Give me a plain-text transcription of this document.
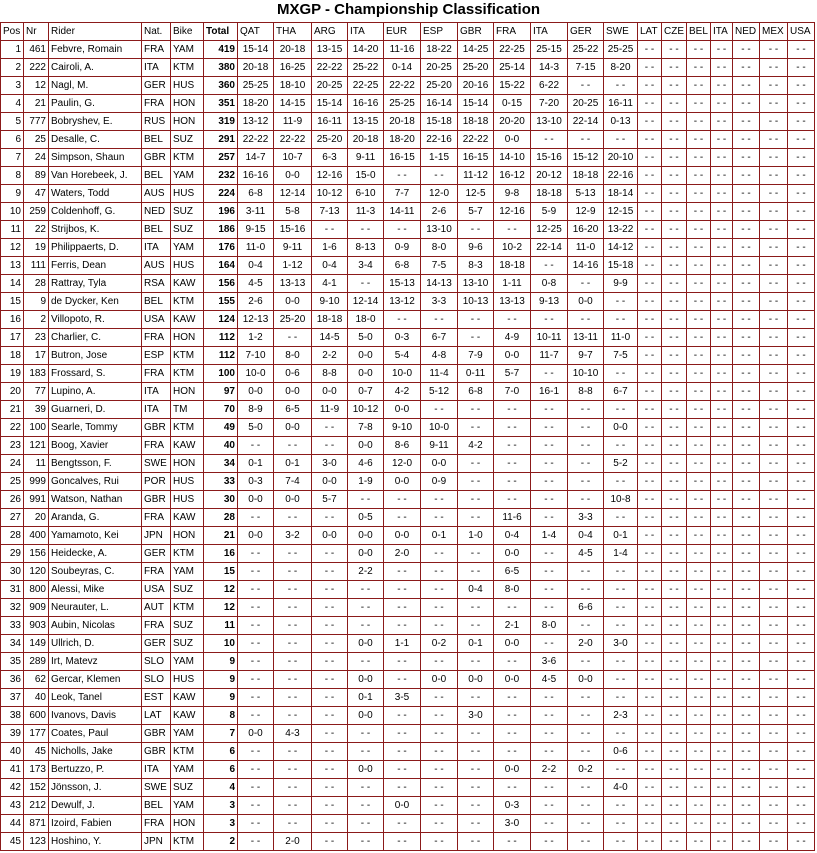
MXGP - Championship Classification
Pos	Nr	Rider	Nat.	Bike	Total	QAT	THA	ARG	ITA	EUR	ESP	GBR	FRA	ITA	GER	SWE	LAT	CZE	BEL	ITA	NED	MEX	USA
1	461	Febvre, Romain	FRA	YAM	419	15-14	20-18	13-15	14-20	11-16	18-22	14-25	22-25	25-15	25-22	25-25	- -	- -	- -	- -	- -	- -	- -
2	222	Cairoli, A.	ITA	KTM	380	20-18	16-25	22-22	25-22	0-14	20-25	25-20	25-14	14-3	7-15	8-20	- -	- -	- -	- -	- -	- -	- -
3	12	Nagl, M.	GER	HUS	360	25-25	18-10	20-25	22-25	22-22	25-20	20-16	15-22	6-22	- -	- -	- -	- -	- -	- -	- -	- -	- -
4	21	Paulin, G.	FRA	HON	351	18-20	14-15	15-14	16-16	25-25	16-14	15-14	0-15	7-20	20-25	16-11	- -	- -	- -	- -	- -	- -	- -
5	777	Bobryshev, E.	RUS	HON	319	13-12	11-9	16-11	13-15	20-18	15-18	18-18	20-20	13-10	22-14	0-13	- -	- -	- -	- -	- -	- -	- -
6	25	Desalle, C.	BEL	SUZ	291	22-22	22-22	25-20	20-18	18-20	22-16	22-22	0-0	- -	- -	- -	- -	- -	- -	- -	- -	- -	- -
7	24	Simpson, Shaun	GBR	KTM	257	14-7	10-7	6-3	9-11	16-15	1-15	16-15	14-10	15-16	15-12	20-10	- -	- -	- -	- -	- -	- -	- -
8	89	Van Horebeek, J.	BEL	YAM	232	16-16	0-0	12-16	15-0	- -	- -	11-12	16-12	20-12	18-18	22-16	- -	- -	- -	- -	- -	- -	- -
9	47	Waters, Todd	AUS	HUS	224	6-8	12-14	10-12	6-10	7-7	12-0	12-5	9-8	18-18	5-13	18-14	- -	- -	- -	- -	- -	- -	- -
10	259	Coldenhoff, G.	NED	SUZ	196	3-11	5-8	7-13	11-3	14-11	2-6	5-7	12-16	5-9	12-9	12-15	- -	- -	- -	- -	- -	- -	- -
11	22	Strijbos, K.	BEL	SUZ	186	9-15	15-16	- -	- -	- -	13-10	- -	- -	12-25	16-20	13-22	- -	- -	- -	- -	- -	- -	- -
12	19	Philippaerts, D.	ITA	YAM	176	11-0	9-11	1-6	8-13	0-9	8-0	9-6	10-2	22-14	11-0	14-12	- -	- -	- -	- -	- -	- -	- -
13	111	Ferris, Dean	AUS	HUS	164	0-4	1-12	0-4	3-4	6-8	7-5	8-3	18-18	- -	14-16	15-18	- -	- -	- -	- -	- -	- -	- -
14	28	Rattray, Tyla	RSA	KAW	156	4-5	13-13	4-1	- -	15-13	14-13	13-10	1-11	0-8	- -	9-9	- -	- -	- -	- -	- -	- -	- -
15	9	de Dycker, Ken	BEL	KTM	155	2-6	0-0	9-10	12-14	13-12	3-3	10-13	13-13	9-13	0-0	- -	- -	- -	- -	- -	- -	- -	- -
16	2	Villopoto, R.	USA	KAW	124	12-13	25-20	18-18	18-0	- -	- -	- -	- -	- -	- -	- -	- -	- -	- -	- -	- -	- -	- -
17	23	Charlier, C.	FRA	HON	112	1-2	- -	14-5	5-0	0-3	6-7	- -	4-9	10-11	13-11	11-0	- -	- -	- -	- -	- -	- -	- -
18	17	Butron, Jose	ESP	KTM	112	7-10	8-0	2-2	0-0	5-4	4-8	7-9	0-0	11-7	9-7	7-5	- -	- -	- -	- -	- -	- -	- -
19	183	Frossard, S.	FRA	KTM	100	10-0	0-6	8-8	0-0	10-0	11-4	0-11	5-7	- -	10-10	- -	- -	- -	- -	- -	- -	- -	- -
20	77	Lupino, A.	ITA	HON	97	0-0	0-0	0-0	0-7	4-2	5-12	6-8	7-0	16-1	8-8	6-7	- -	- -	- -	- -	- -	- -	- -
21	39	Guarneri, D.	ITA	TM	70	8-9	6-5	11-9	10-12	0-0	- -	- -	- -	- -	- -	- -	- -	- -	- -	- -	- -	- -	- -
22	100	Searle, Tommy	GBR	KTM	49	5-0	0-0	- -	7-8	9-10	10-0	- -	- -	- -	- -	0-0	- -	- -	- -	- -	- -	- -	- -
23	121	Boog, Xavier	FRA	KAW	40	- -	- -	- -	0-0	8-6	9-11	4-2	- -	- -	- -	- -	- -	- -	- -	- -	- -	- -	- -
24	11	Bengtsson, F.	SWE	HON	34	0-1	0-1	3-0	4-6	12-0	0-0	- -	- -	- -	- -	5-2	- -	- -	- -	- -	- -	- -	- -
25	999	Goncalves, Rui	POR	HUS	33	0-3	7-4	0-0	1-9	0-0	0-9	- -	- -	- -	- -	- -	- -	- -	- -	- -	- -	- -	- -
26	991	Watson, Nathan	GBR	HUS	30	0-0	0-0	5-7	- -	- -	- -	- -	- -	- -	- -	10-8	- -	- -	- -	- -	- -	- -	- -
27	20	Aranda, G.	FRA	KAW	28	- -	- -	- -	0-5	- -	- -	- -	11-6	- -	3-3	- -	- -	- -	- -	- -	- -	- -	- -
28	400	Yamamoto, Kei	JPN	HON	21	0-0	3-2	0-0	0-0	0-0	0-1	1-0	0-4	1-4	0-4	0-1	- -	- -	- -	- -	- -	- -	- -
29	156	Heidecke, A.	GER	KTM	16	- -	- -	- -	0-0	2-0	- -	- -	0-0	- -	4-5	1-4	- -	- -	- -	- -	- -	- -	- -
30	120	Soubeyras, C.	FRA	YAM	15	- -	- -	- -	2-2	- -	- -	- -	6-5	- -	- -	- -	- -	- -	- -	- -	- -	- -	- -
31	800	Alessi, Mike	USA	SUZ	12	- -	- -	- -	- -	- -	- -	0-4	8-0	- -	- -	- -	- -	- -	- -	- -	- -	- -	- -
32	909	Neurauter, L.	AUT	KTM	12	- -	- -	- -	- -	- -	- -	- -	- -	- -	6-6	- -	- -	- -	- -	- -	- -	- -	- -
33	903	Aubin, Nicolas	FRA	SUZ	11	- -	- -	- -	- -	- -	- -	- -	2-1	8-0	- -	- -	- -	- -	- -	- -	- -	- -	- -
34	149	Ullrich, D.	GER	SUZ	10	- -	- -	- -	0-0	1-1	0-2	0-1	0-0	- -	2-0	3-0	- -	- -	- -	- -	- -	- -	- -
35	289	Irt, Matevz	SLO	YAM	9	- -	- -	- -	- -	- -	- -	- -	- -	3-6	- -	- -	- -	- -	- -	- -	- -	- -	- -
36	62	Gercar, Klemen	SLO	HUS	9	- -	- -	- -	0-0	- -	0-0	0-0	0-0	4-5	0-0	- -	- -	- -	- -	- -	- -	- -	- -
37	40	Leok, Tanel	EST	KAW	9	- -	- -	- -	0-1	3-5	- -	- -	- -	- -	- -	- -	- -	- -	- -	- -	- -	- -	- -
38	600	Ivanovs, Davis	LAT	KAW	8	- -	- -	- -	0-0	- -	- -	3-0	- -	- -	- -	2-3	- -	- -	- -	- -	- -	- -	- -
39	177	Coates, Paul	GBR	YAM	7	0-0	4-3	- -	- -	- -	- -	- -	- -	- -	- -	- -	- -	- -	- -	- -	- -	- -	- -
40	45	Nicholls, Jake	GBR	KTM	6	- -	- -	- -	- -	- -	- -	- -	- -	- -	- -	0-6	- -	- -	- -	- -	- -	- -	- -
41	173	Bertuzzo, P.	ITA	YAM	6	- -	- -	- -	0-0	- -	- -	- -	0-0	2-2	0-2	- -	- -	- -	- -	- -	- -	- -	- -
42	152	Jönsson, J.	SWE	SUZ	4	- -	- -	- -	- -	- -	- -	- -	- -	- -	- -	4-0	- -	- -	- -	- -	- -	- -	- -
43	212	Dewulf, J.	BEL	YAM	3	- -	- -	- -	- -	0-0	- -	- -	0-3	- -	- -	- -	- -	- -	- -	- -	- -	- -	- -
44	871	Izoird, Fabien	FRA	HON	3	- -	- -	- -	- -	- -	- -	- -	3-0	- -	- -	- -	- -	- -	- -	- -	- -	- -	- -
45	123	Hoshino, Y.	JPN	KTM	2	- -	2-0	- -	- -	- -	- -	- -	- -	- -	- -	- -	- -	- -	- -	- -	- -	- -	- -
